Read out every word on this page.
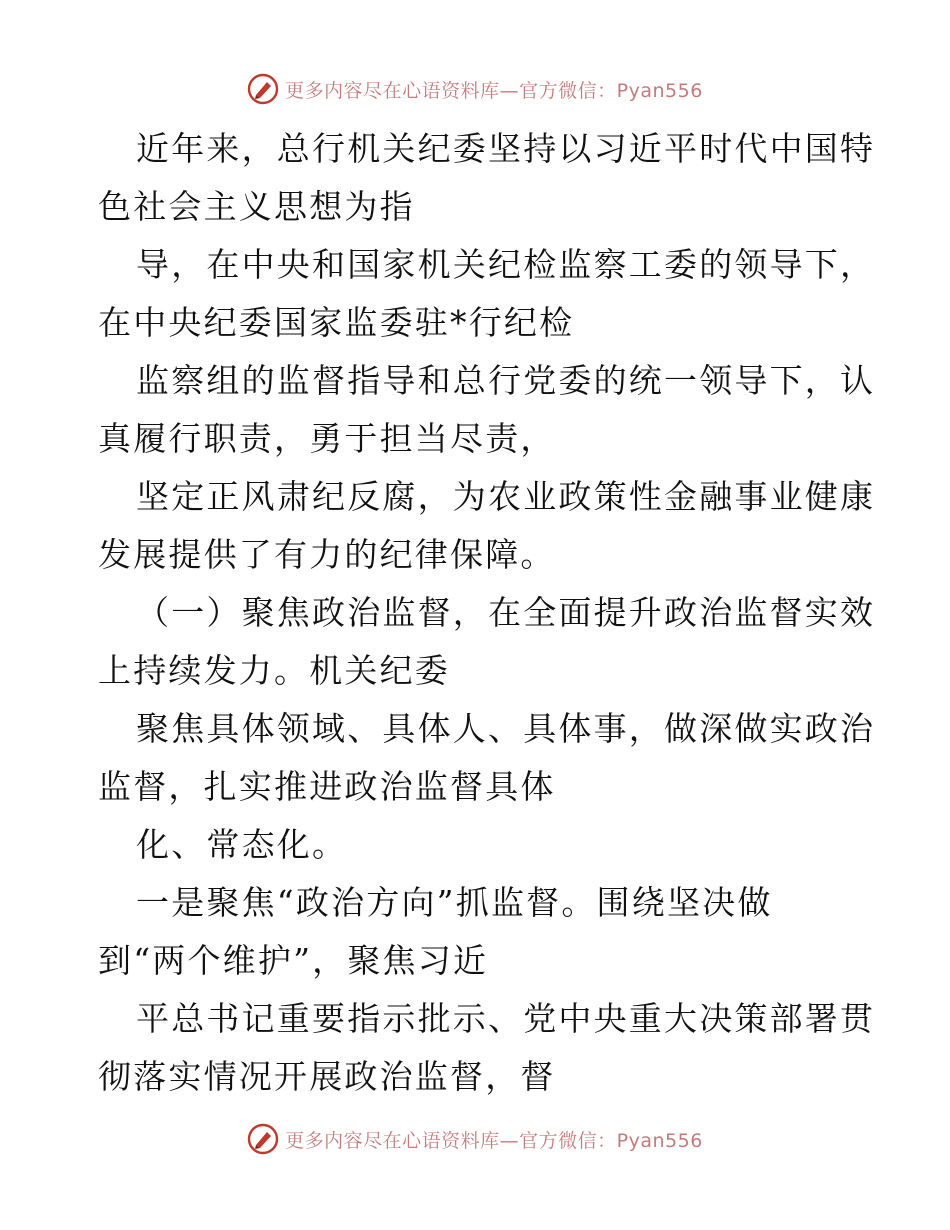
更多内容尽在心语资料库—官方微信：Pyan556
近年来，总行机关纪委坚持以习近平时代中国特
色社会主义思想为指
导，在中央和国家机关纪检监察工委的领导下，
在中央纪委国家监委驻*行纪检
监察组的监督指导和总行党委的统一领导下，认
真履行职责，勇于担当尽责，
坚定正风肃纪反腐，为农业政策性金融事业健康
发展提供了有力的纪律保障。
（一）聚焦政治监督，在全面提升政治监督实效
上持续发力。机关纪委
聚焦具体领域、具体人、具体事，做深做实政治
监督，扎实推进政治监督具体
化、常态化。
一是聚焦“政治方向”抓监督。围绕坚决做
到“两个维护”，聚焦习近
平总书记重要指示批示、党中央重大决策部署贯
彻落实情况开展政治监督，督
更多内容尽在心语资料库—官方微信：Pyan556
